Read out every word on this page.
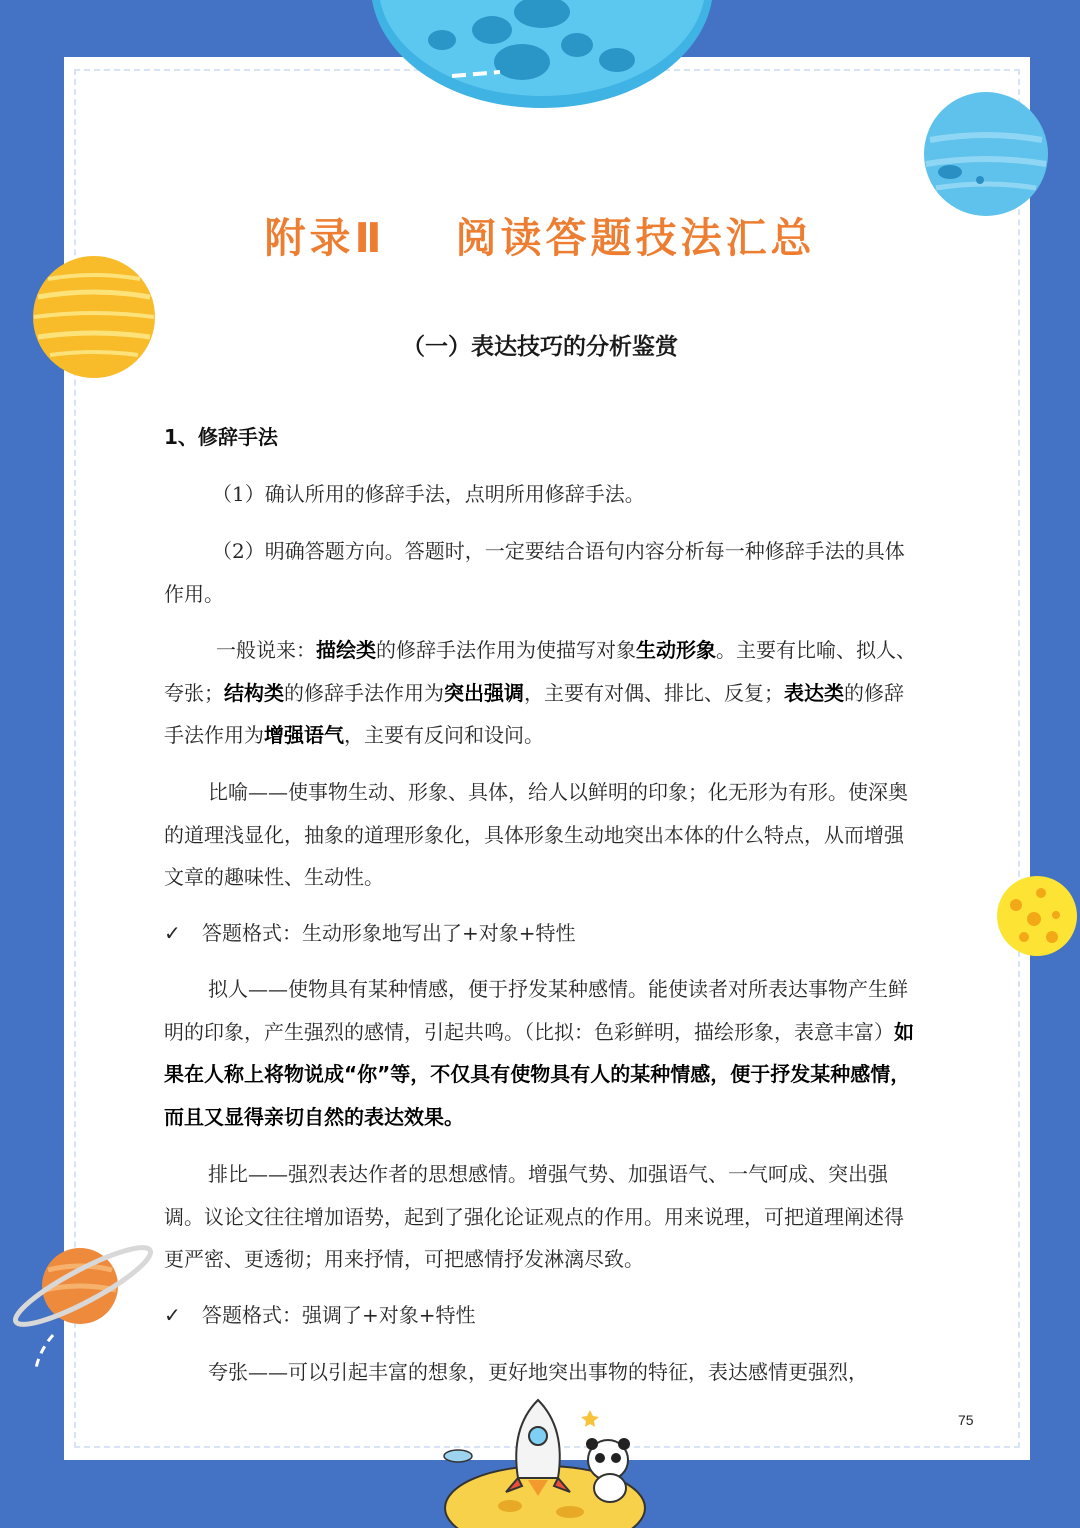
附录Ⅱ 阅读答题技法汇总
（一）表达技巧的分析鉴赏
1、修辞手法
（1）确认所用的修辞手法，点明所用修辞手法。
（2）明确答题方向。答题时，一定要结合语句内容分析每一种修辞手法的具体作用。
一般说来：描绘类的修辞手法作用为使描写对象生动形象。主要有比喻、拟人、夸张；结构类的修辞手法作用为突出强调，主要有对偶、排比、反复；表达类的修辞手法作用为增强语气，主要有反问和设问。
比喻——使事物生动、形象、具体，给人以鲜明的印象；化无形为有形。使深奥的道理浅显化，抽象的道理形象化，具体形象生动地突出本体的什么特点，从而增强文章的趣味性、生动性。
✓ 答题格式：生动形象地写出了+对象+特性
拟人——使物具有某种情感，便于抒发某种感情。能使读者对所表达事物产生鲜明的印象，产生强烈的感情，引起共鸣。（比拟：色彩鲜明，描绘形象，表意丰富）如果在人称上将物说成“你”等，不仅具有使物具有人的某种情感，便于抒发某种感情，而且又显得亲切自然的表达效果。
排比——强烈表达作者的思想感情。增强气势、加强语气、一气呵成、突出强调。议论文往往增加语势，起到了强化论证观点的作用。用来说理，可把道理阐述得更严密、更透彻；用来抒情，可把感情抒发淋漓尽致。
✓ 答题格式：强调了+对象+特性
夸张——可以引起丰富的想象，更好地突出事物的特征，表达感情更强烈，
75
